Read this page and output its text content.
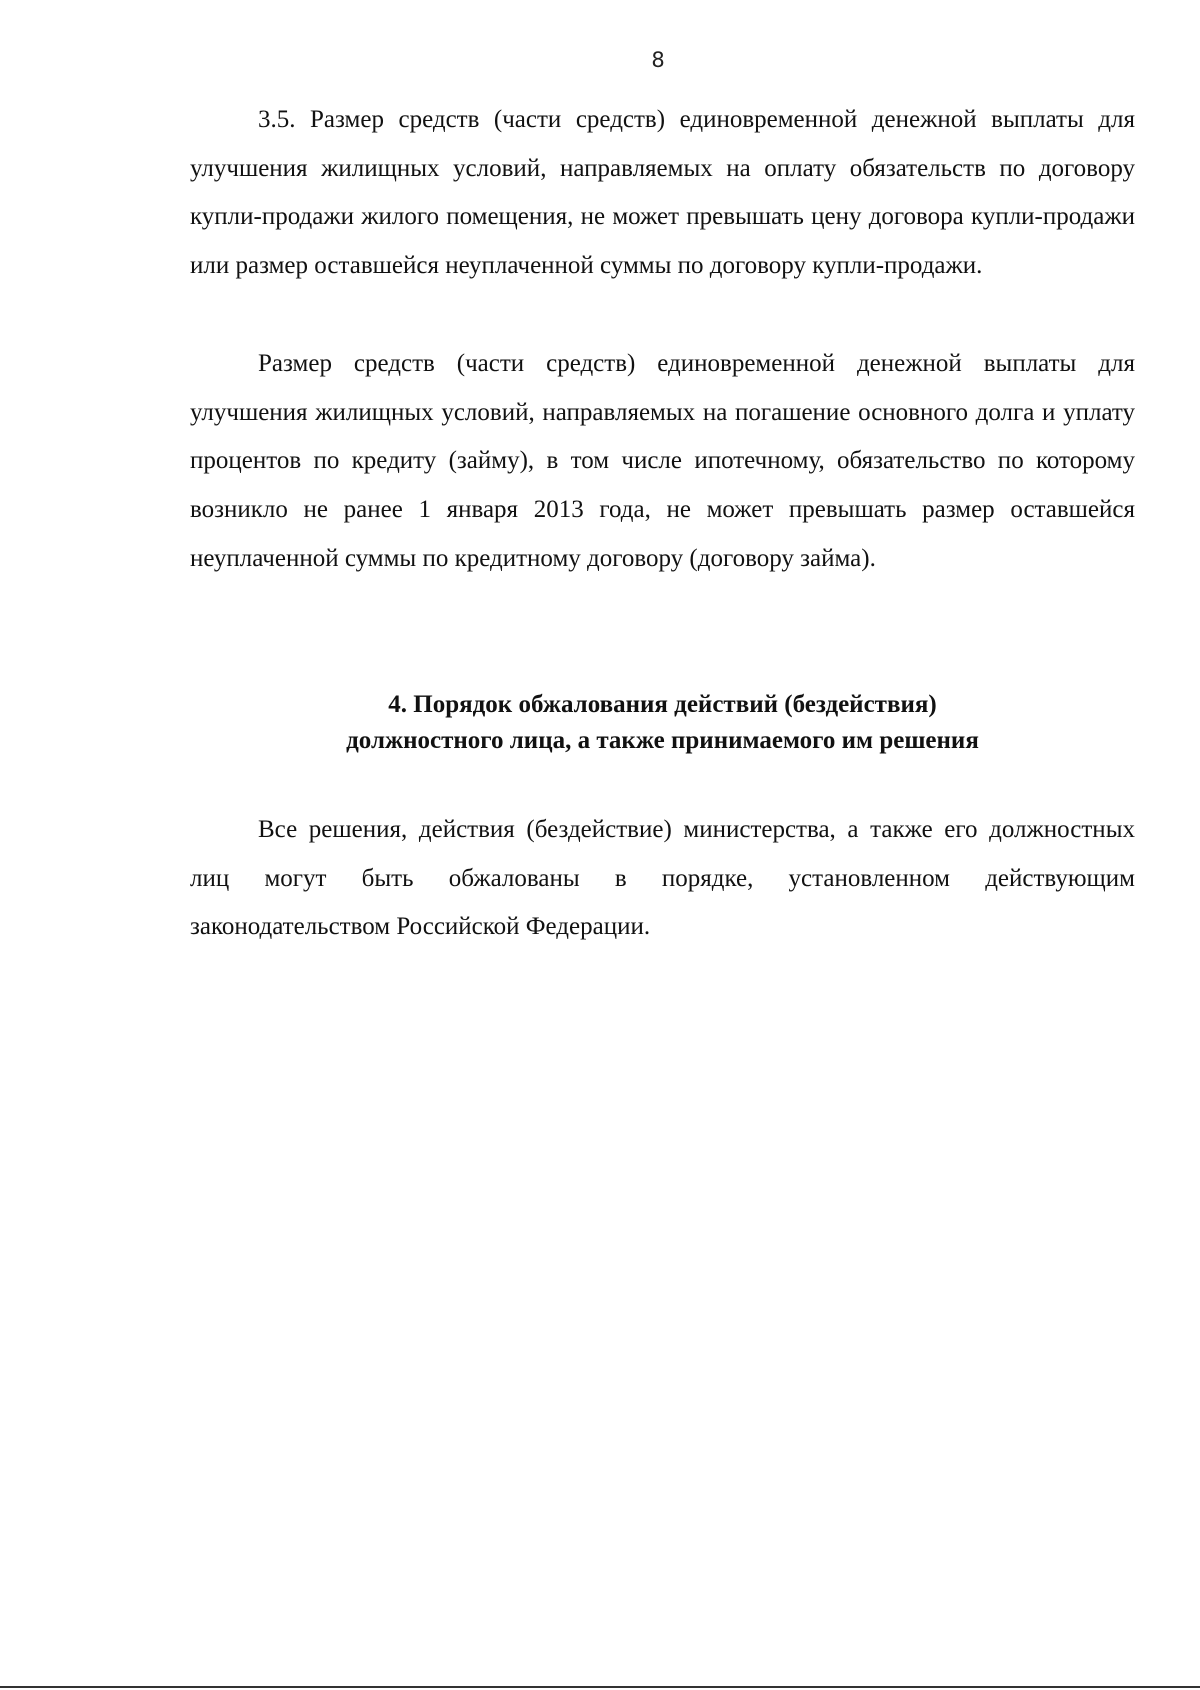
8

3.5. Размер средств (части средств) единовременной денежной выплаты для улучшения жилищных условий, направляемых на оплату обязательств по договору купли-продажи жилого помещения, не может превышать цену договора купли-продажи или размер оставшейся неуплаченной суммы по договору купли-продажи.

Размер средств (части средств) единовременной денежной выплаты для улучшения жилищных условий, направляемых на погашение основного долга и уплату процентов по кредиту (займу), в том числе ипотечному, обязательство по которому возникло не ранее 1 января 2013 года, не может превышать размер оставшейся неуплаченной суммы по кредитному договору (договору займа).

4. Порядок обжалования действий (бездействия)
должностного лица, а также принимаемого им решения

Все решения, действия (бездействие) министерства, а также его должностных лиц могут быть обжалованы в порядке, установленном действующим законодательством Российской Федерации.
